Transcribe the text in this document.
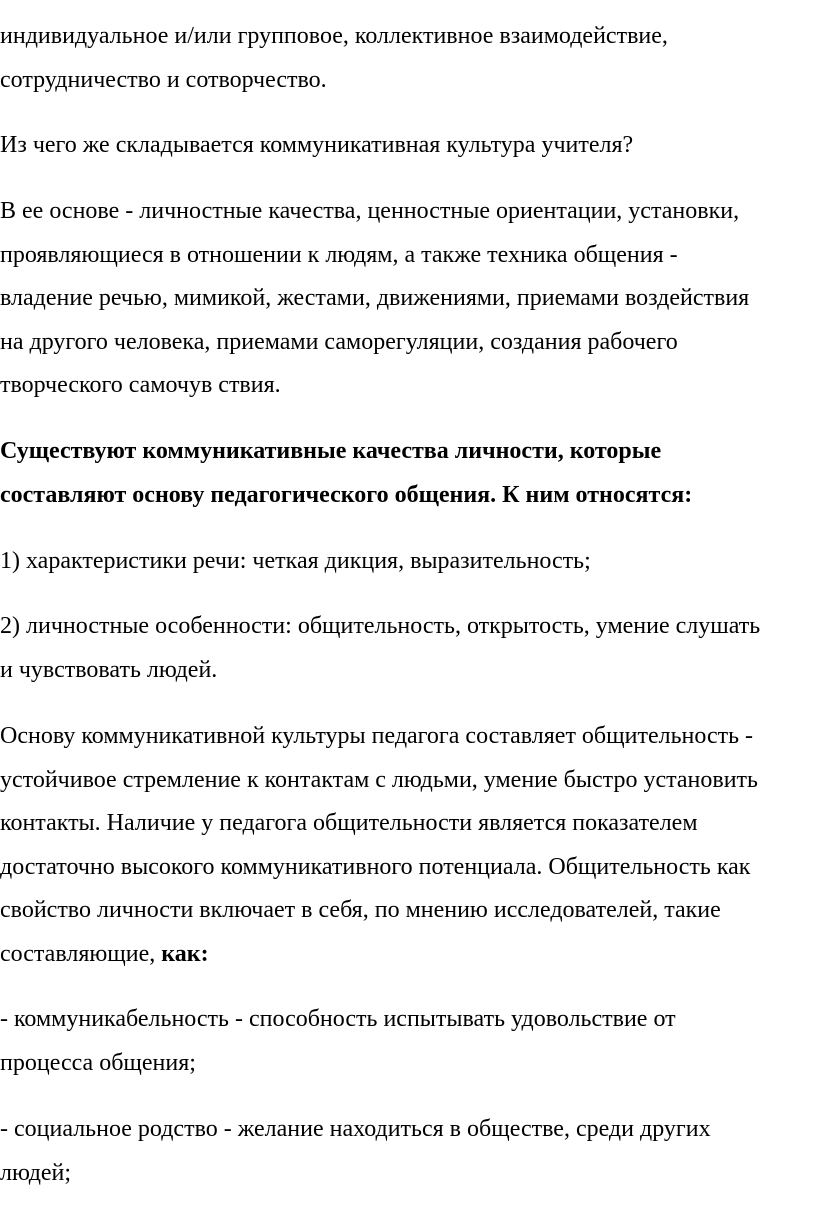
индивидуальное и/или групповое, коллективное взаимодействие,
сотрудничество и сотворчество.
Из чего же складывается коммуникативная культура учителя?
В ее основе - личностные качества, ценностные ориентации, установки,
проявляющиеся в отношении к людям, а также техника общения -
владение речью, мимикой, жестами, движениями, приемами воздействия
на другого человека, приемами саморегуляции, создания рабочего
творческого самочув ствия.
Существуют коммуникативные качества личности, которые
составляют основу педагогического общения. К ним относятся:
1) характеристики речи: четкая дикция, выразительность;
2) личностные особенности: общительность, открытость, умение слушать
и чувствовать людей.
Основу коммуникативной культуры педагога составляет общительность -
устойчивое стремление к контактам с людьми, умение быстро установить
контакты. Наличие у педагога общительности является показателем
достаточно высокого коммуникативного потенциала. Общительность как
свойство личности включает в себя, по мнению исследователей, такие
составляющие, как:
- коммуникабельность - способность испытывать удовольствие от
процесса общения;
- социальное родство - желание находиться в обществе, среди других
людей;
